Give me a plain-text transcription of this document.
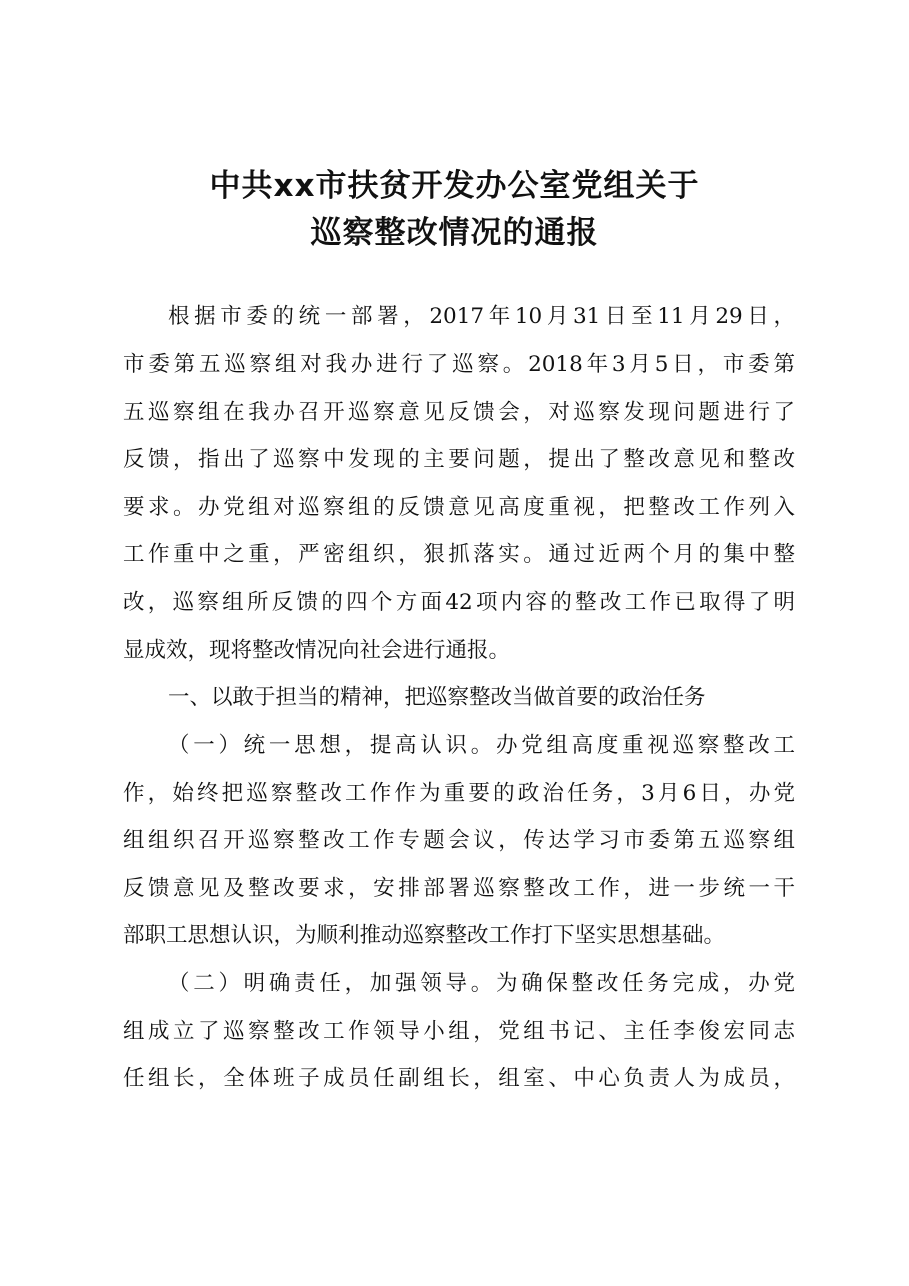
中共xx市扶贫开发办公室党组关于
巡察整改情况的通报
根据市委的统一部署，2017年10月31日至11月29日，
市委第五巡察组对我办进行了巡察。2018年3月5日，市委第
五巡察组在我办召开巡察意见反馈会，对巡察发现问题进行了
反馈，指出了巡察中发现的主要问题，提出了整改意见和整改
要求。办党组对巡察组的反馈意见高度重视，把整改工作列入
工作重中之重，严密组织，狠抓落实。通过近两个月的集中整
改，巡察组所反馈的四个方面42项内容的整改工作已取得了明
显成效，现将整改情况向社会进行通报。
一、以敢于担当的精神，把巡察整改当做首要的政治任务
（一）统一思想，提高认识。办党组高度重视巡察整改工
作，始终把巡察整改工作作为重要的政治任务，3月6日，办党
组组织召开巡察整改工作专题会议，传达学习市委第五巡察组
反馈意见及整改要求，安排部署巡察整改工作，进一步统一干
部职工思想认识，为顺利推动巡察整改工作打下坚实思想基础。
（二）明确责任，加强领导。为确保整改任务完成，办党
组成立了巡察整改工作领导小组，党组书记、主任李俊宏同志
任组长，全体班子成员任副组长，组室、中心负责人为成员，
